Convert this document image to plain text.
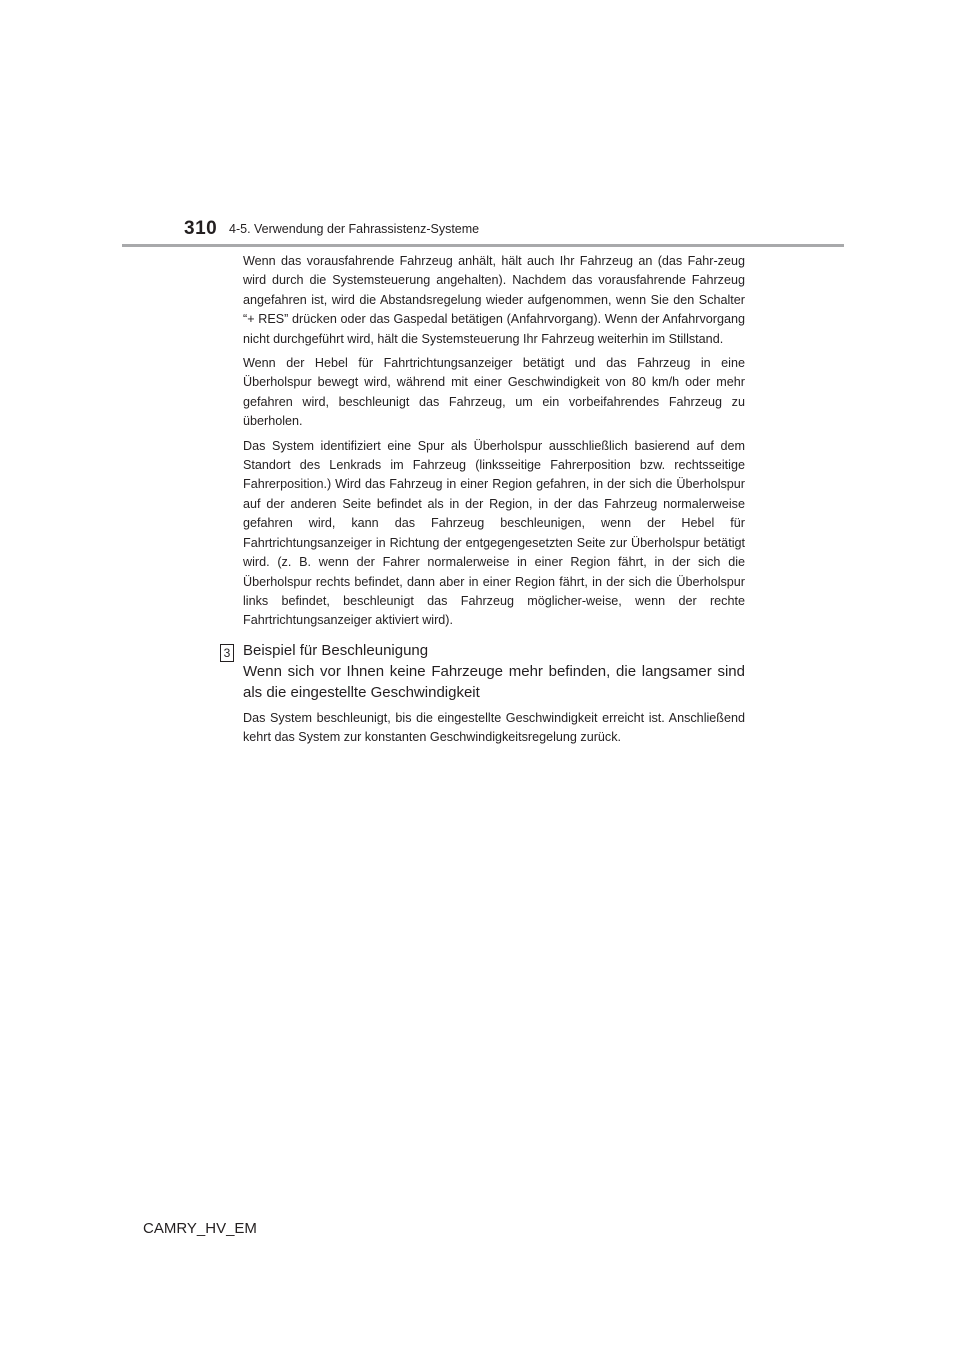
310 4-5. Verwendung der Fahrassistenz-Systeme

Wenn das vorausfahrende Fahrzeug anhält, hält auch Ihr Fahrzeug an (das Fahr-zeug wird durch die Systemsteuerung angehalten). Nachdem das vorausfahrende Fahrzeug angefahren ist, wird die Abstandsregelung wieder aufgenommen, wenn Sie den Schalter “+ RES” drücken oder das Gaspedal betätigen (Anfahrvorgang). Wenn der Anfahrvorgang nicht durchgeführt wird, hält die Systemsteuerung Ihr Fahrzeug weiterhin im Stillstand.

Wenn der Hebel für Fahrtrichtungsanzeiger betätigt und das Fahrzeug in eine Überholspur bewegt wird, während mit einer Geschwindigkeit von 80 km/h oder mehr gefahren wird, beschleunigt das Fahrzeug, um ein vorbeifahrendes Fahrzeug zu überholen.

Das System identifiziert eine Spur als Überholspur ausschließlich basierend auf dem Standort des Lenkrads im Fahrzeug (linksseitige Fahrerposition bzw. rechtsseitige Fahrerposition.) Wird das Fahrzeug in einer Region gefahren, in der sich die Überholspur auf der anderen Seite befindet als in der Region, in der das Fahrzeug normalerweise gefahren wird, kann das Fahrzeug beschleunigen, wenn der Hebel für Fahrtrichtungsanzeiger in Richtung der entgegengesetzten Seite zur Überholspur betätigt wird. (z. B. wenn der Fahrer normalerweise in einer Region fährt, in der sich die Überholspur rechts befindet, dann aber in einer Region fährt, in der sich die Überholspur links befindet, beschleunigt das Fahrzeug möglicher-weise, wenn der rechte Fahrtrichtungsanzeiger aktiviert wird).

3 Beispiel für Beschleunigung
Wenn sich vor Ihnen keine Fahrzeuge mehr befinden, die langsamer sind als die eingestellte Geschwindigkeit

Das System beschleunigt, bis die eingestellte Geschwindigkeit erreicht ist. Anschließend kehrt das System zur konstanten Geschwindigkeitsregelung zurück.

CAMRY_HV_EM
